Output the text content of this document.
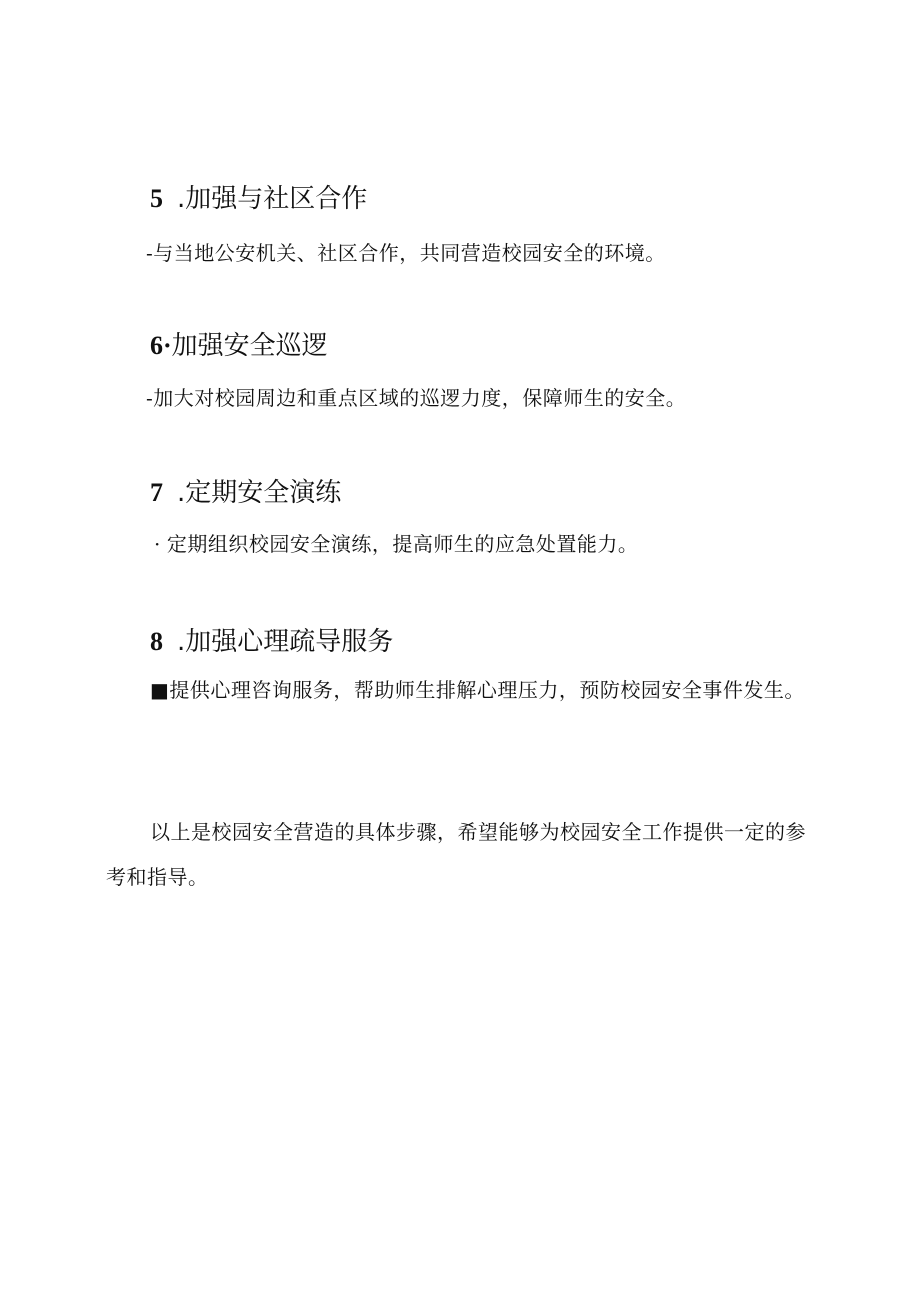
5 .加强与社区合作
-与当地公安机关、社区合作，共同营造校园安全的环境。
6·加强安全巡逻
-加大对校园周边和重点区域的巡逻力度，保障师生的安全。
7 .定期安全演练
· 定期组织校园安全演练，提高师生的应急处置能力。
8 .加强心理疏导服务
■提供心理咨询服务，帮助师生排解心理压力，预防校园安全事件发生。
以上是校园安全营造的具体步骤，希望能够为校园安全工作提供一定的参考和指导。
